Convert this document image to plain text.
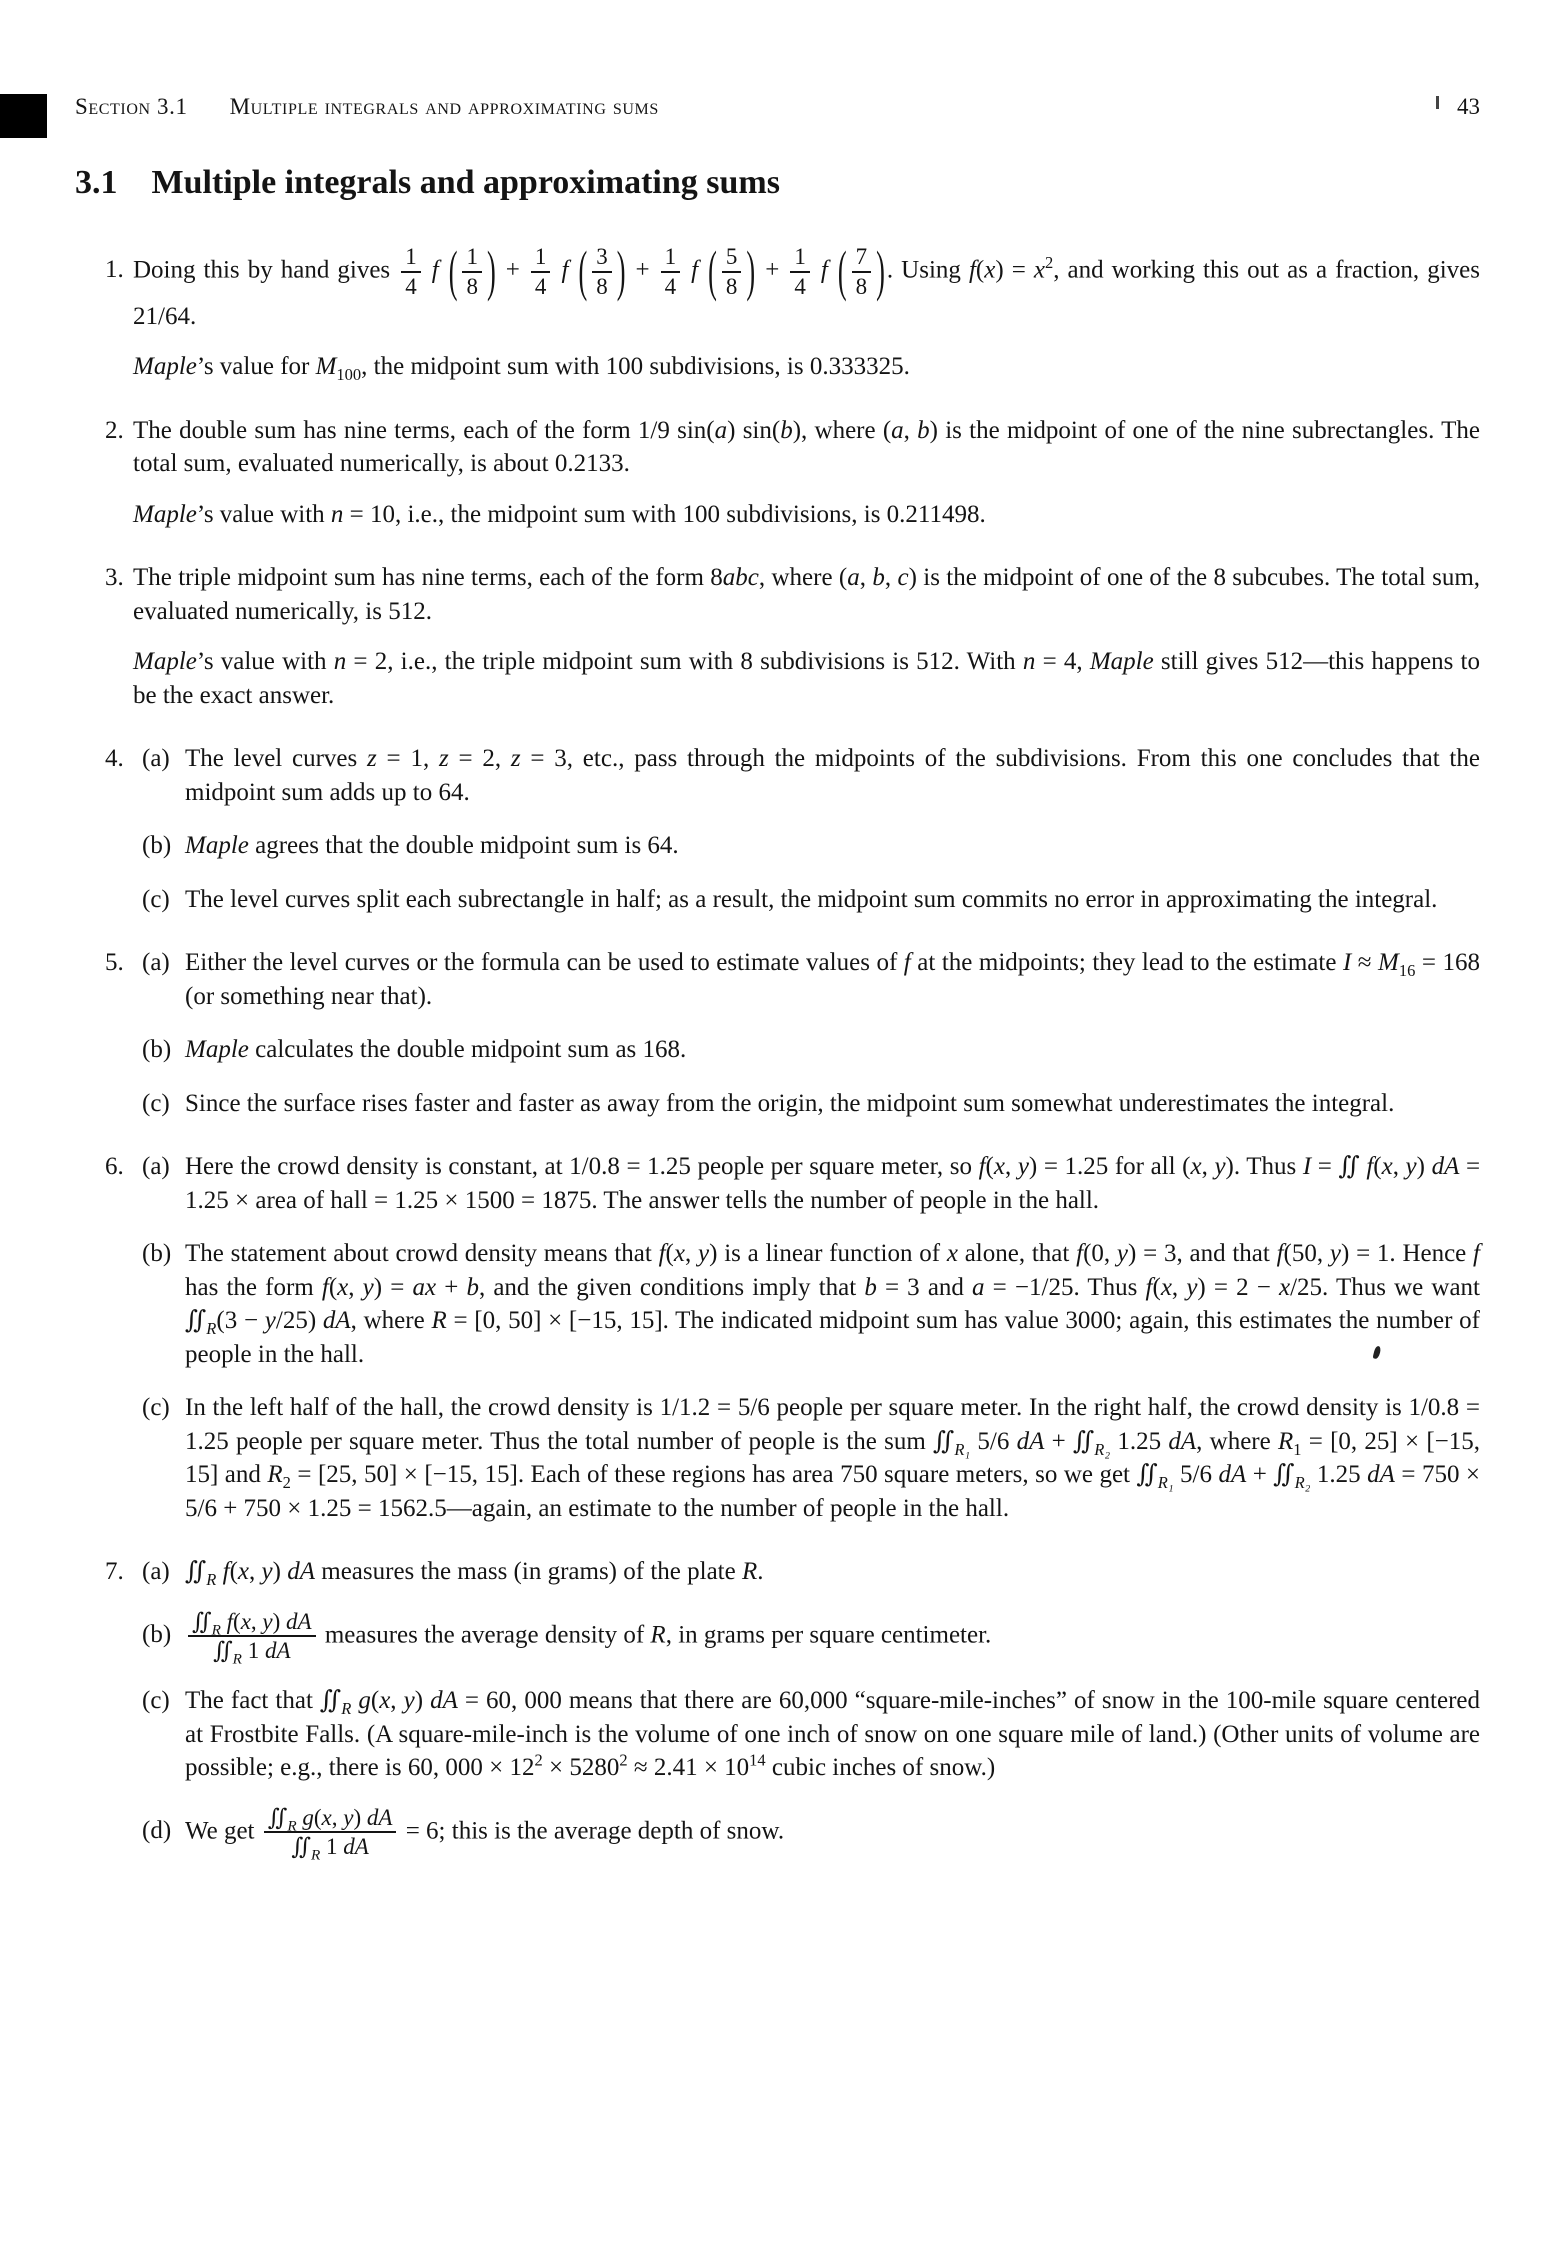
Section 3.1 Multiple integrals and approximating sums	43
3.1 Multiple integrals and approximating sums
1. Doing this by hand gives $\frac{1}{4}$ f ( $\frac{1}{8}$ ) + $\frac{1}{4}$ f ( $\frac{3}{8}$ ) + $\frac{1}{4}$ f ( $\frac{5}{8}$ ) + $\frac{1}{4}$ f ( $\frac{7}{8}$ ). Using $f(x) = x^2$, and working this out as a fraction, gives 21/64.
Maple’s value for $M_{100}$, the midpoint sum with 100 subdivisions, is 0.333325.
2. The double sum has nine terms, each of the form 1/9 sin(a) sin(b), where (a, b) is the midpoint of one of the nine subrectangles. The total sum, evaluated numerically, is about 0.2133.
Maple’s value with n = 10, i.e., the midpoint sum with 100 subdivisions, is 0.211498.
3. The triple midpoint sum has nine terms, each of the form 8abc, where (a, b, c) is the midpoint of one of the 8 subcubes. The total sum, evaluated numerically, is 512.
Maple’s value with n = 2, i.e., the triple midpoint sum with 8 subdivisions is 512. With n = 4, Maple still gives 512—this happens to be the exact answer.
4. (a) The level curves z = 1, z = 2, z = 3, etc., pass through the midpoints of the subdivisions. From this one concludes that the midpoint sum adds up to 64.
(b) Maple agrees that the double midpoint sum is 64.
(c) The level curves split each subrectangle in half; as a result, the midpoint sum commits no error in approximating the integral.
5. (a) Either the level curves or the formula can be used to estimate values of f at the midpoints; they lead to the estimate $I \approx M_{16} = 168$ (or something near that).
(b) Maple calculates the double midpoint sum as 168.
(c) Since the surface rises faster and faster as away from the origin, the midpoint sum somewhat underestimates the integral.
6. (a) Here the crowd density is constant, at 1/0.8 = 1.25 people per square meter, so f(x, y) = 1.25 for all (x, y). Thus I = ∬ f(x, y) dA = 1.25 × area of hall = 1.25 × 1500 = 1875. The answer tells the number of people in the hall.
(b) The statement about crowd density means that f(x, y) is a linear function of x alone, that f(0, y) = 3, and that f(50, y) = 1. Hence f has the form f(x, y) = ax + b, and the given conditions imply that b = 3 and a = −1/25. Thus f(x, y) = 2 − x/25. Thus we want $∬_R(3 - y/25)$ dA, where R = [0, 50] × [−15, 15]. The indicated midpoint sum has value 3000; again, this estimates the number of people in the hall.
(c) In the left half of the hall, the crowd density is 1/1.2 = 5/6 people per square meter. In the right half, the crowd density is 1/0.8 = 1.25 people per square meter. Thus the total number of people is the sum $∬_{R_1}$ 5/6 dA + $∬_{R_2}$ 1.25 dA, where $R_1 = [0$, 25] × [−15, 15] and $R_2 = [25$, 50] × [−15, 15]. Each of these regions has area 750 square meters, so we get $∬_{R_1}$ 5/6 dA + $∬_{R_2}$ 1.25 dA = 750 × 5/6 + 750 × 1.25 = 1562.5—again, an estimate to the number of people in the hall.
7. (a) $∬_R$ f(x, y) dA measures the mass (in grams) of the plate R.
$(b) \frac{∬_R f(x, y) dA}{∬_R 1 dA}$ measures the average density of R, in grams per square centimeter.
(c) The fact that $∬_R$ g(x, y) dA = 60, 000 means that there are 60,000 “square-mile-inches” of snow in the 100-mile square centered at Frostbite Falls. (A square-mile-inch is the volume of one inch of snow on one square mile of land.) (Other units of volume are possible; e.g., there is 60, $000 \times 12^2 \times 5280^2 \approx 2.41 \times 10^{14}$ cubic inches of snow.)
(d) We get $\frac{∬_R g(x, y) dA}{∬_R 1 dA} = 6$; this is the average depth of snow.
